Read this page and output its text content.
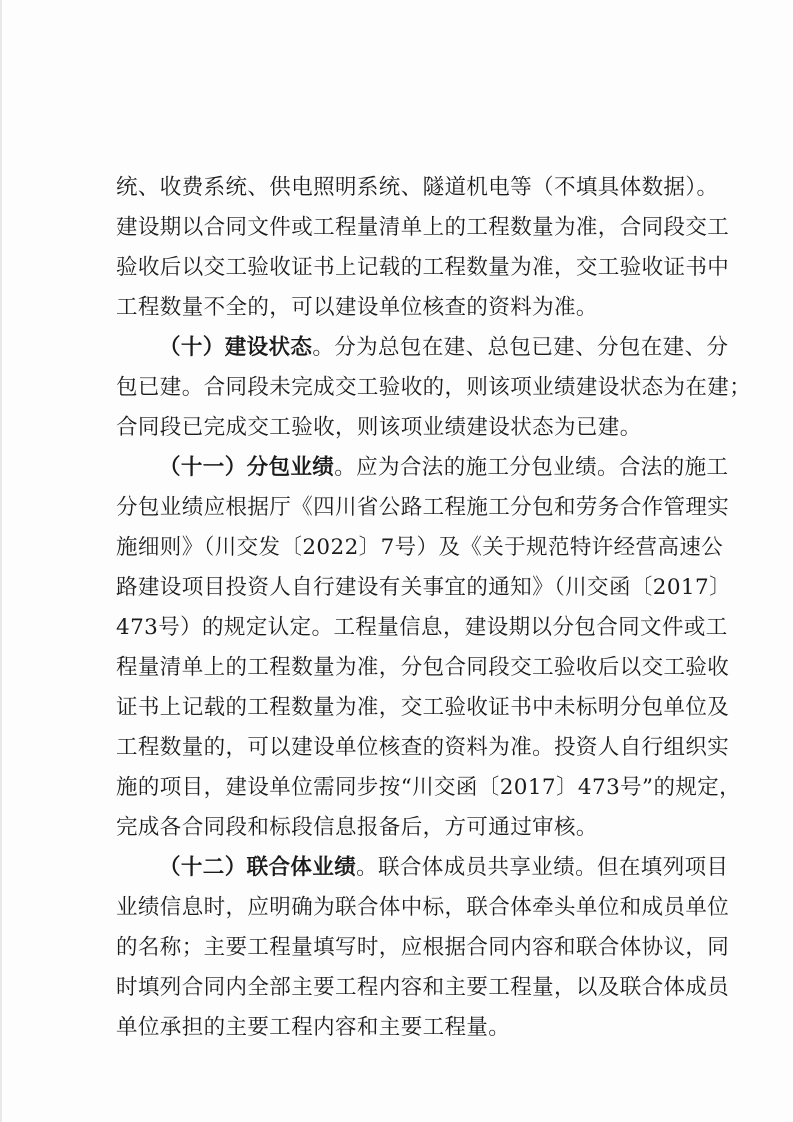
统、收费系统、供电照明系统、隧道机电等（不填具体数据）。
建设期以合同文件或工程量清单上的工程数量为准，合同段交工
验收后以交工验收证书上记载的工程数量为准，交工验收证书中
工程数量不全的，可以建设单位核查的资料为准。
（十）建设状态。分为总包在建、总包已建、分包在建、分
包已建。合同段未完成交工验收的，则该项业绩建设状态为在建；
合同段已完成交工验收，则该项业绩建设状态为已建。
（十一）分包业绩。应为合法的施工分包业绩。合法的施工
分包业绩应根据厅《四川省公路工程施工分包和劳务合作管理实
施细则》（川交发〔2022〕7号）及《关于规范特许经营高速公
路建设项目投资人自行建设有关事宜的通知》（川交函〔2017〕
473号）的规定认定。工程量信息，建设期以分包合同文件或工
程量清单上的工程数量为准，分包合同段交工验收后以交工验收
证书上记载的工程数量为准，交工验收证书中未标明分包单位及
工程数量的，可以建设单位核查的资料为准。投资人自行组织实
施的项目，建设单位需同步按“川交函〔2017〕473号”的规定，
完成各合同段和标段信息报备后，方可通过审核。
（十二）联合体业绩。联合体成员共享业绩。但在填列项目
业绩信息时，应明确为联合体中标，联合体牵头单位和成员单位
的名称；主要工程量填写时，应根据合同内容和联合体协议，同
时填列合同内全部主要工程内容和主要工程量，以及联合体成员
单位承担的主要工程内容和主要工程量。
